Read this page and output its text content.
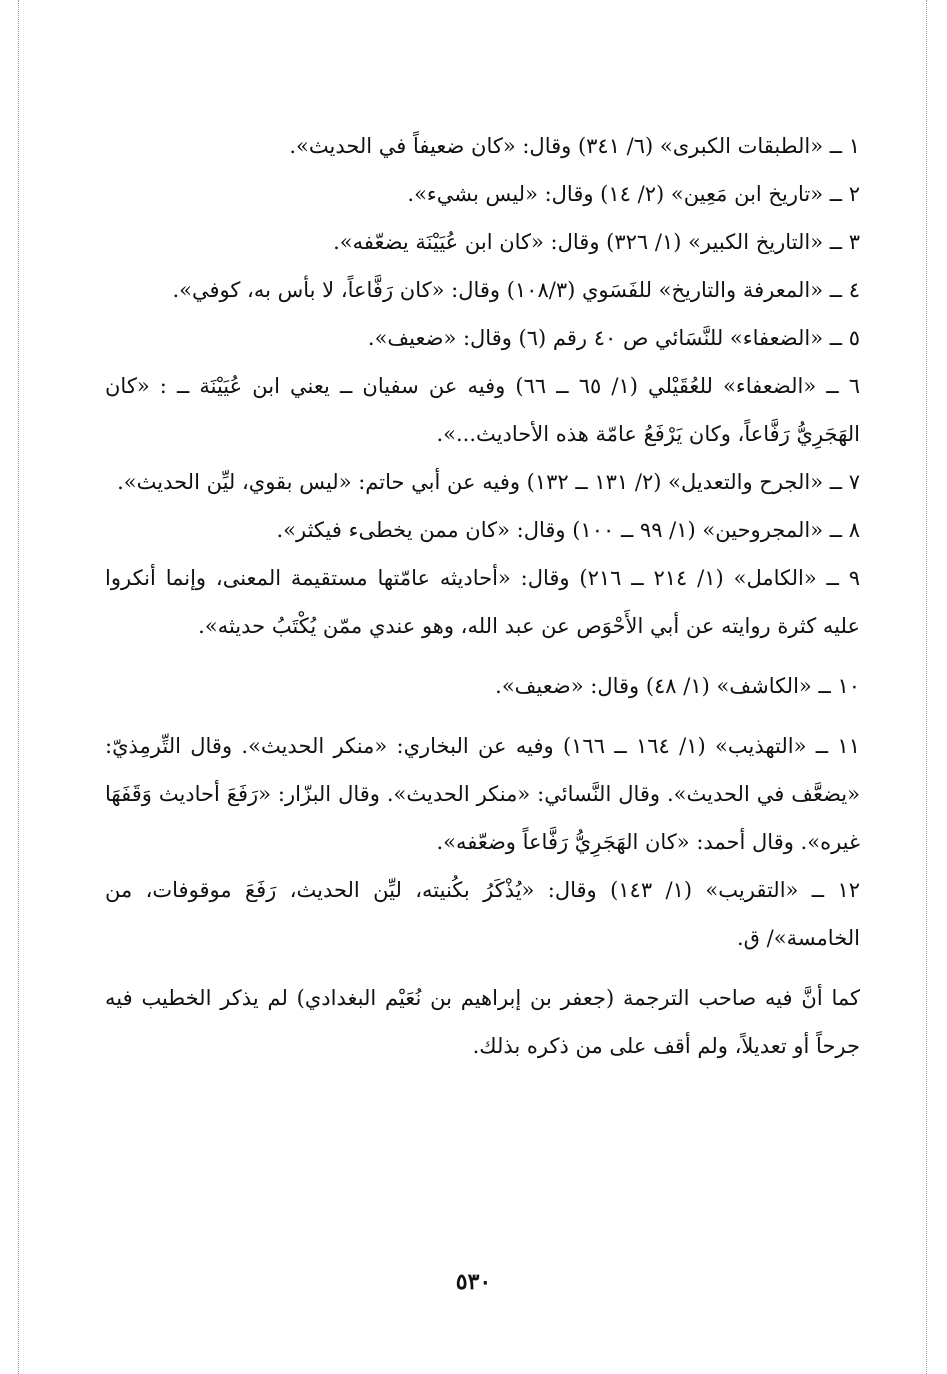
١ ــ «الطبقات الكبرى» (٦/ ٣٤١) وقال: «كان ضعيفاً في الحديث».

٢ ــ «تاريخ ابن مَعِين» (٢/ ١٤) وقال: «ليس بشيء».

٣ ــ «التاريخ الكبير» (١/ ٣٢٦) وقال: «كان ابن عُيَيْنَة يضعّفه».

٤ ــ «المعرفة والتاريخ» للفَسَوي (١٠٨/٣) وقال: «كان رَفَّاعاً، لا بأس به، كوفي».

٥ ــ «الضعفاء» للنَّسَائي ص ٤٠ رقم (٦) وقال: «ضعيف».

٦ ــ «الضعفاء» للعُقَيْلي (١/ ٦٥ ــ ٦٦) وفيه عن سفيان ــ يعني ابن عُيَيْنَة ــ : «كان الهَجَرِيُّ رَفَّاعاً، وكان يَرْفَعُ عامّة هذه الأحاديث...».

٧ ــ «الجرح والتعديل» (٢/ ١٣١ ــ ١٣٢) وفيه عن أبي حاتم: «ليس بقوي، ليِّن الحديث».

٨ ــ «المجروحين» (١/ ٩٩ ــ ١٠٠) وقال: «كان ممن يخطىء فيكثر».

٩ ــ «الكامل» (١/ ٢١٤ ــ ٢١٦) وقال: «أحاديثه عامّتها مستقيمة المعنى، وإنما أنكروا عليه كثرة روايته عن أبي الأَحْوَص عن عبد الله، وهو عندي ممّن يُكْتَبُ حديثه».

١٠ ــ «الكاشف» (١/ ٤٨) وقال: «ضعيف».

١١ ــ «التهذيب» (١/ ١٦٤ ــ ١٦٦) وفيه عن البخاري: «منكر الحديث». وقال التِّرمِذيّ: «يضعَّف في الحديث». وقال النَّسائي: «منكر الحديث». وقال البزّار: «رَفَعَ أحاديث وَقَفَهَا غيره». وقال أحمد: «كان الهَجَرِيُّ رَفَّاعاً وضعّفه».

١٢ ــ «التقريب» (١/ ١٤٣) وقال: «يُذْكَرُ بكُنيته، ليِّن الحديث، رَفَعَ موقوفات، من الخامسة»/ ق.

كما أنَّ فيه صاحب الترجمة (جعفر بن إبراهيم بن نُعَيْم البغدادي) لم يذكر الخطيب فيه جرحاً أو تعديلاً، ولم أقف على من ذكره بذلك.

٥٣٠
